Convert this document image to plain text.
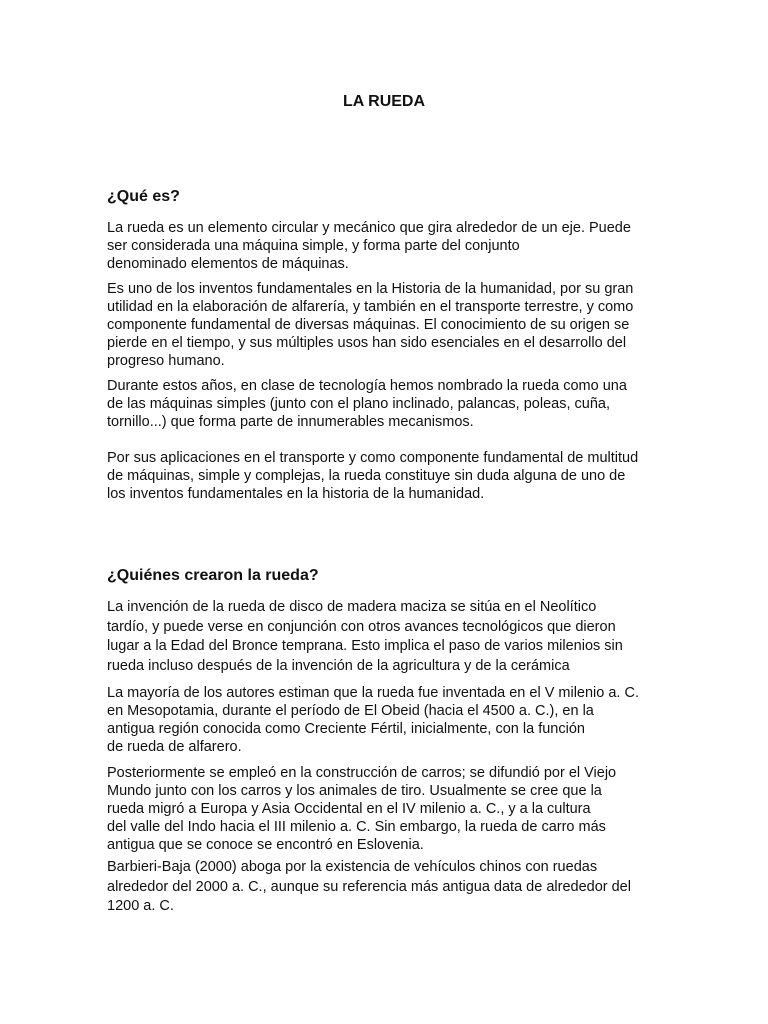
LA RUEDA
¿Qué es?

La rueda es un elemento circular y mecánico que gira alrededor de un eje. Puede
ser considerada una máquina simple, y forma parte del conjunto
denominado elementos de máquinas.

Es uno de los inventos fundamentales en la Historia de la humanidad, por su gran
utilidad en la elaboración de alfarería, y también en el transporte terrestre, y como
componente fundamental de diversas máquinas. El conocimiento de su origen se
pierde en el tiempo, y sus múltiples usos han sido esenciales en el desarrollo del
progreso humano.

Durante estos años, en clase de tecnología hemos nombrado la rueda como una
de las máquinas simples (junto con el plano inclinado, palancas, poleas, cuña,
tornillo...) que forma parte de innumerables mecanismos.

Por sus aplicaciones en el transporte y como componente fundamental de multitud
de máquinas, simple y complejas, la rueda constituye sin duda alguna de uno de
los inventos fundamentales en la historia de la humanidad.

¿Quiénes crearon la rueda?

La invención de la rueda de disco de madera maciza se sitúa en el Neolítico
tardío, y puede verse en conjunción con otros avances tecnológicos que dieron
lugar a la Edad del Bronce temprana. Esto implica el paso de varios milenios sin
rueda incluso después de la invención de la agricultura y de la cerámica

La mayoría de los autores estiman que la rueda fue inventada en el V milenio a. C.
en Mesopotamia, durante el período de El Obeid (hacia el 4500 a. C.), en la
antigua región conocida como Creciente Fértil, inicialmente, con la función
de rueda de alfarero.

Posteriormente se empleó en la construcción de carros; se difundió por el Viejo
Mundo junto con los carros y los animales de tiro. Usualmente se cree que la
rueda migró a Europa y Asia Occidental en el IV milenio a. C., y a la cultura
del valle del Indo hacia el III milenio a. C. Sin embargo, la rueda de carro más
antigua que se conoce se encontró en Eslovenia.

Barbieri-Baja (2000) aboga por la existencia de vehículos chinos con ruedas
alrededor del 2000 a. C., aunque su referencia más antigua data de alrededor del
1200 a. C.
